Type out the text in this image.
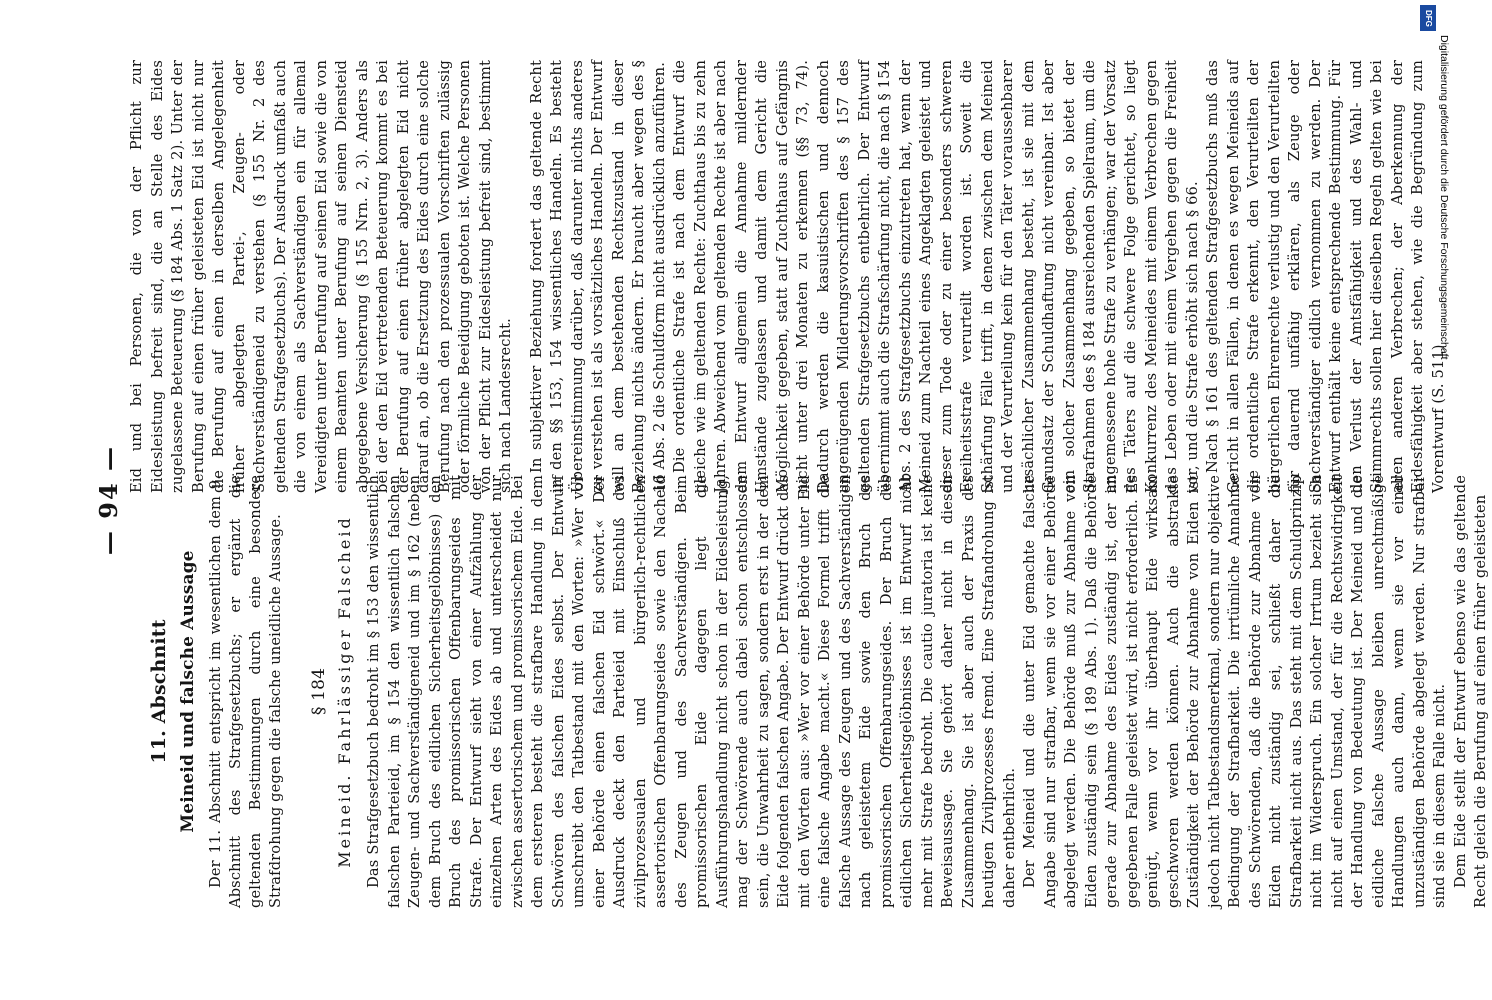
— 94 —
11. Abschnitt Meineid und falsche Aussage Der 11. Abschnitt entspricht im wesentlichen dem 9. Abschnitt des Strafgesetzbuchs; er ergänzt die geltenden Bestimmungen durch eine besondere Strafdrohung gegen die falsche uneidliche Aussage. § 184 Meineid. Fahrlässiger Falscheid Das Strafgesetzbuch bedroht im § 153 den wissentlich falschen Parteieid, im § 154 den wissentlich falschen Zeugen- und Sachverständigeneid und im § 162 (neben dem Bruch des eidlichen Sicherheitsgelöbnisses) den Bruch des promissorischen Offenbarungseides mit Strafe. Der Entwurf sieht von einer Aufzählung der einzelnen Arten des Eides ab und unterscheidet nur zwischen assertorischem und promissorischem Eide. Bei dem ersteren besteht die strafbare Handlung in dem Schwören des falschen Eides selbst. Der Entwurf umschreibt den Tatbestand mit den Worten: »Wer vor einer Behörde einen falschen Eid schwört.« Der Ausdruck deckt den Parteieid mit Einschluß des zivilprozessualen und bürgerlich-rechtlichen assertorischen Offenbarungseides sowie den Nacheid des Zeugen und des Sachverständigen. Beim promissorischen Eide dagegen liegt die Ausführungshandlung nicht schon in der Eidesleistung, mag der Schwörende auch dabei schon entschlossen sein, die Unwahrheit zu sagen, sondern erst in der dem Eide folgenden falschen Angabe. Der Entwurf drückt das mit den Worten aus: »Wer vor einer Behörde unter Eid eine falsche Angabe macht.« Diese Formel trifft die falsche Aussage des Zeugen und des Sachverständigen nach geleistetem Eide sowie den Bruch des promissorischen Offenbarungseides. Der Bruch des eidlichen Sicherheitsgelöbnisses ist im Entwurf nicht mehr mit Strafe bedroht. Die cautio juratoria ist keine Beweisaussage. Sie gehört daher nicht in diesen Zusammenhang. Sie ist aber auch der Praxis des heutigen Zivilprozesses fremd. Eine Strafandrohung ist daher entbehrlich. Der Meineid und die unter Eid gemachte falsche Angabe sind nur strafbar, wenn sie vor einer Behörde abgelegt werden. Die Behörde muß zur Abnahme von Eiden zuständig sein (§ 189 Abs. 1). Daß die Behörde gerade zur Abnahme des Eides zuständig ist, der im gegebenen Falle geleistet wird, ist nicht erforderlich. Es genügt, wenn vor ihr überhaupt Eide wirksam geschworen werden können. Auch die abstrakte Zuständigkeit der Behörde zur Abnahme von Eiden ist jedoch nicht Tatbestandsmerkmal, sondern nur objektive Bedingung der Strafbarkeit. Die irrtümliche Annahme des Schwörenden, daß die Behörde zur Abnahme von Eiden nicht zuständig sei, schließt daher die Strafbarkeit nicht aus. Das steht mit dem Schuldprinzip nicht im Widerspruch. Ein solcher Irrtum bezieht sich nicht auf einen Umstand, der für die Rechtswidrigkeit der Handlung von Bedeutung ist. Der Meineid und die eidliche falsche Aussage bleiben unrechtmäßige Handlungen auch dann, wenn sie vor einer unzuständigen Behörde abgelegt werden. Nur strafbar sind sie in diesem Falle nicht. Dem Eide stellt der Entwurf ebenso wie das geltende Recht gleich die Berufung auf einen früher geleisteten

Eid und bei Personen, die von der Pflicht zur Eidesleistung befreit sind, die an Stelle des Eides zugelassene Beteuerung (§ 184 Abs. 1 Satz 2). Unter der Berufung auf einen früher geleisteten Eid ist nicht nur die Berufung auf einen in derselben Angelegenheit früher abgelegten Partei-, Zeugen- oder Sachverständigeneid zu verstehen (§ 155 Nr. 2 des geltenden Strafgesetzbuchs). Der Ausdruck umfaßt auch die von einem als Sachverständigen ein für allemal Vereidigten unter Berufung auf seinen Eid sowie die von einem Beamten unter Berufung auf seinen Diensteid abgegebene Versicherung (§ 155 Nrn. 2, 3). Anders als bei der den Eid vertretenden Beteuerung kommt es bei der Berufung auf einen früher abgelegten Eid nicht darauf an, ob die Ersetzung des Eides durch eine solche Berufung nach den prozessualen Vorschriften zulässig oder förmliche Beeidigung geboten ist. Welche Personen von der Pflicht zur Eidesleistung befreit sind, bestimmt sich nach Landesrecht. In subjektiver Beziehung fordert das geltende Recht in den §§ 153, 154 wissentliches Handeln. Es besteht Übereinstimmung darüber, daß darunter nichts anderes zu verstehen ist als vorsätzliches Handeln. Der Entwurf will an dem bestehenden Rechtszustand in dieser Beziehung nichts ändern. Er braucht aber wegen des § 16 Abs. 2 die Schuldform nicht ausdrücklich anzuführen. Die ordentliche Strafe ist nach dem Entwurf die gleiche wie im geltenden Rechte: Zuchthaus bis zu zehn Jahren. Abweichend vom geltenden Rechte ist aber nach dem Entwurf allgemein die Annahme mildernder Umstände zugelassen und damit dem Gericht die Möglichkeit gegeben, statt auf Zuchthaus auf Gefängnis nicht unter drei Monaten zu erkennen (§§ 73, 74). Dadurch werden die kasuistischen und dennoch ungenügenden Milderungsvorschriften des § 157 des geltenden Strafgesetzbuchs entbehrlich. Der Entwurf übernimmt auch die Strafschärfung nicht, die nach § 154 Abs. 2 des Strafgesetzbuchs einzutreten hat, wenn der Meineid zum Nachteil eines Angeklagten geleistet und dieser zum Tode oder zu einer besonders schweren Freiheitsstrafe verurteilt worden ist. Soweit die Schärfung Fälle trifft, in denen zwischen dem Meineid und der Verurteilung kein für den Täter voraussehbarer ursächlicher Zusammenhang besteht, ist sie mit dem Grundsatz der Schuldhaftung nicht vereinbar. Ist aber ein solcher Zusammenhang gegeben, so bietet der Strafrahmen des § 184 ausreichenden Spielraum, um die angemessene hohe Strafe zu verhängen; war der Vorsatz des Täters auf die schwere Folge gerichtet, so liegt Konkurrenz des Meineides mit einem Verbrechen gegen das Leben oder mit einem Vergehen gegen die Freiheit vor, und die Strafe erhöht sich nach § 66. Nach § 161 des geltenden Strafgesetzbuchs muß das Gericht in allen Fällen, in denen es wegen Meineids auf die ordentliche Strafe erkennt, den Verurteilten der bürgerlichen Ehrenrechte verlustig und den Verurteilten für dauernd unfähig erklären, als Zeuge oder Sachverständiger eidlich vernommen zu werden. Der Entwurf enthält keine entsprechende Bestimmung. Für den Verlust der Amtsfähigkeit und des Wahl- und Stimmrechts sollen hier dieselben Regeln gelten wie bei allen anderen Verbrechen; der Aberkennung der Eidesfähigkeit aber stehen, wie die Begründung zum Vorentwurf (S. 511)

DFG
Digitalisierung gefördert durch die Deutsche Forschungsgemeinschaft
